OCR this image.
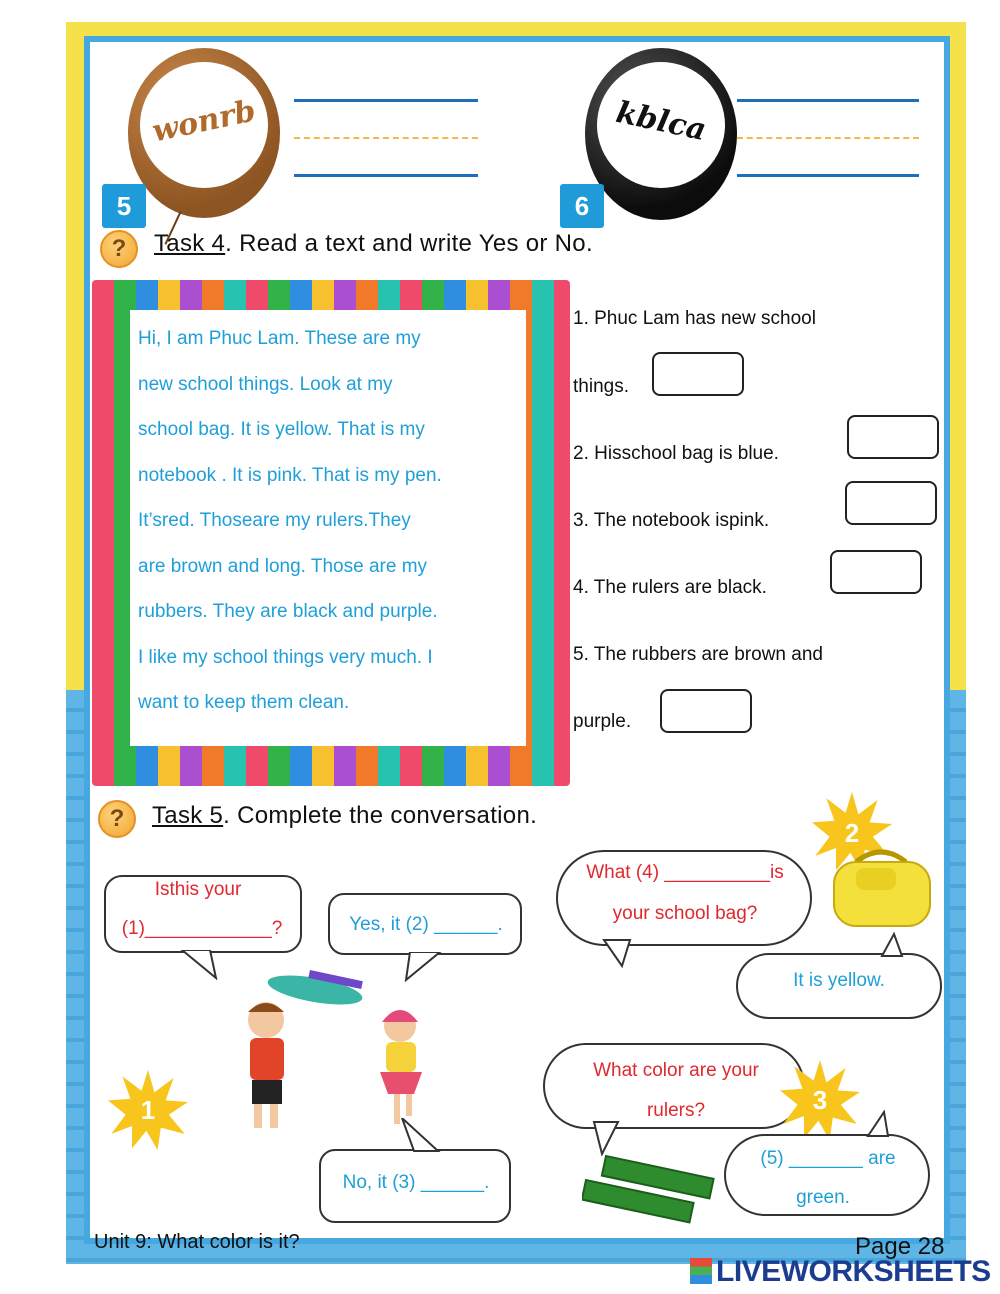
wonrb
5
kblca
6
?	Task 4. Read a text and write Yes or No.
Hi, I am Phuc Lam. These are my
new school things. Look at my
school bag. It is yellow. That is my
notebook . It is pink. That is my pen.
It’sred. Thoseare my rulers.They
are brown and long. Those are my
rubbers. They are black and purple.
I like my school things very much. I
want to keep them clean.
1. Phuc Lam has new school
things.
2. Hisschool bag is blue.
3. The notebook ispink.
4. The rulers are black.
5. The rubbers are brown and
purple.
?	Task 5. Complete the conversation.
Isthis your
(1)____________?	Yes, it (2) ______.
1
No, it (3) ______.
What (4) __________is
your school bag?
2
It is yellow.
What color are your
rulers?	3
(5) _______ are
green.
Unit 9: What color is it?	Page 28
LIVEWORKSHEETS
